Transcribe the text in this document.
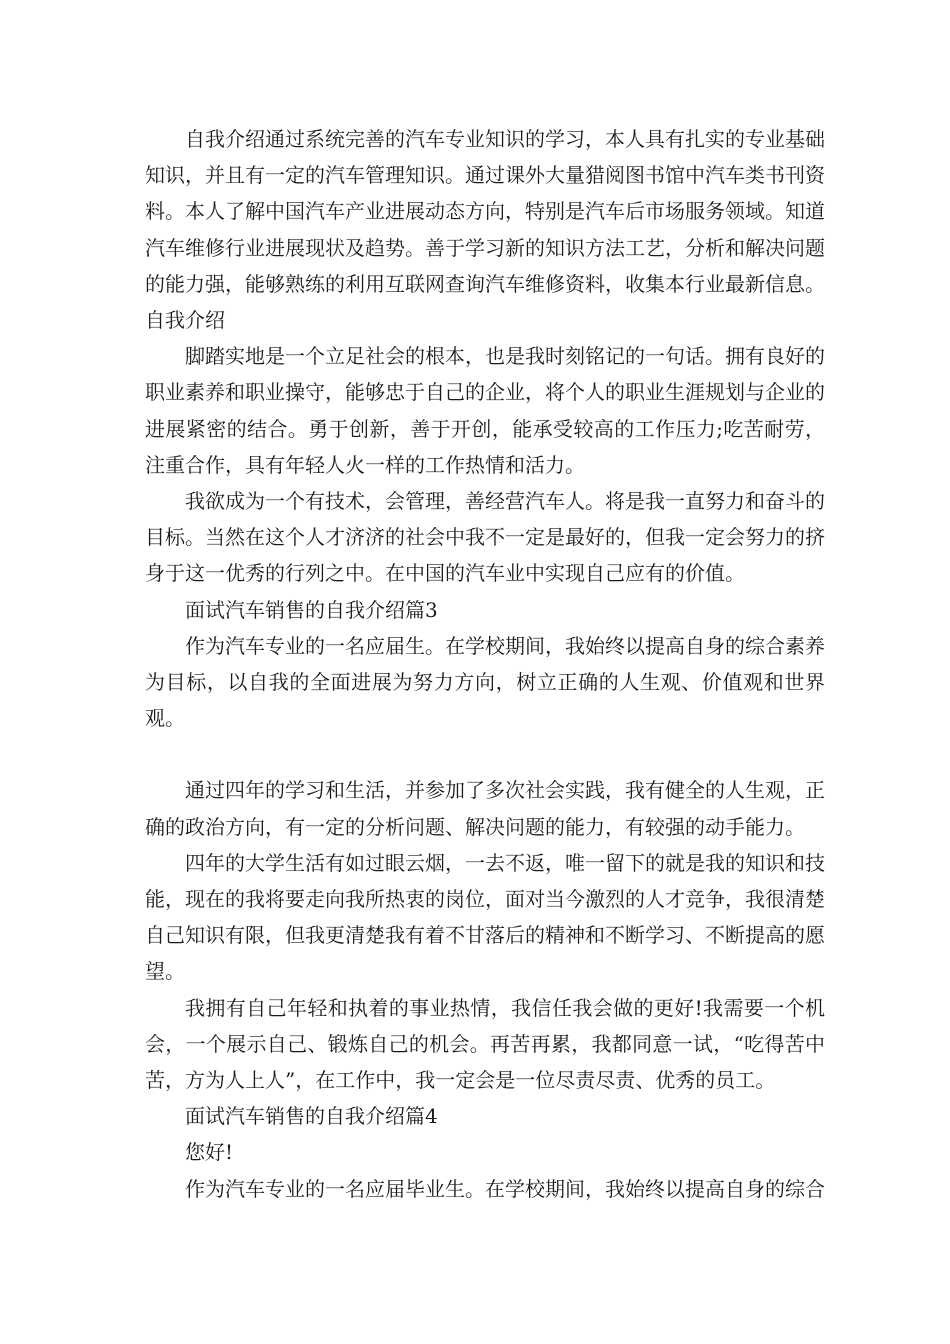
自我介绍通过系统完善的汽车专业知识的学习，本人具有扎实的专业基础知识，并且有一定的汽车管理知识。通过课外大量猎阅图书馆中汽车类书刊资料。本人了解中国汽车产业进展动态方向，特别是汽车后市场服务领域。知道汽车维修行业进展现状及趋势。善于学习新的知识方法工艺，分析和解决问题的能力强，能够熟练的利用互联网查询汽车维修资料，收集本行业最新信息。

自我介绍

脚踏实地是一个立足社会的根本，也是我时刻铭记的一句话。拥有良好的职业素养和职业操守，能够忠于自己的企业，将个人的职业生涯规划与企业的进展紧密的结合。勇于创新，善于开创，能承受较高的工作压力;吃苦耐劳，注重合作，具有年轻人火一样的工作热情和活力。

我欲成为一个有技术，会管理，善经营汽车人。将是我一直努力和奋斗的目标。当然在这个人才济济的社会中我不一定是最好的，但我一定会努力的挤身于这一优秀的行列之中。在中国的汽车业中实现自己应有的价值。

面试汽车销售的自我介绍篇3

作为汽车专业的一名应届生。在学校期间，我始终以提高自身的综合素养为目标，以自我的全面进展为努力方向，树立正确的人生观、价值观和世界观。

通过四年的学习和生活，并参加了多次社会实践，我有健全的人生观，正确的政治方向，有一定的分析问题、解决问题的能力，有较强的动手能力。

四年的大学生活有如过眼云烟，一去不返，唯一留下的就是我的知识和技能，现在的我将要走向我所热衷的岗位，面对当今激烈的人才竞争，我很清楚自己知识有限，但我更清楚我有着不甘落后的精神和不断学习、不断提高的愿望。

我拥有自己年轻和执着的事业热情，我信任我会做的更好!我需要一个机会，一个展示自己、锻炼自己的机会。再苦再累，我都同意一试，“吃得苦中苦，方为人上人”，在工作中，我一定会是一位尽责尽责、优秀的员工。

面试汽车销售的自我介绍篇4

您好!

作为汽车专业的一名应届毕业生。在学校期间，我始终以提高自身的综合
